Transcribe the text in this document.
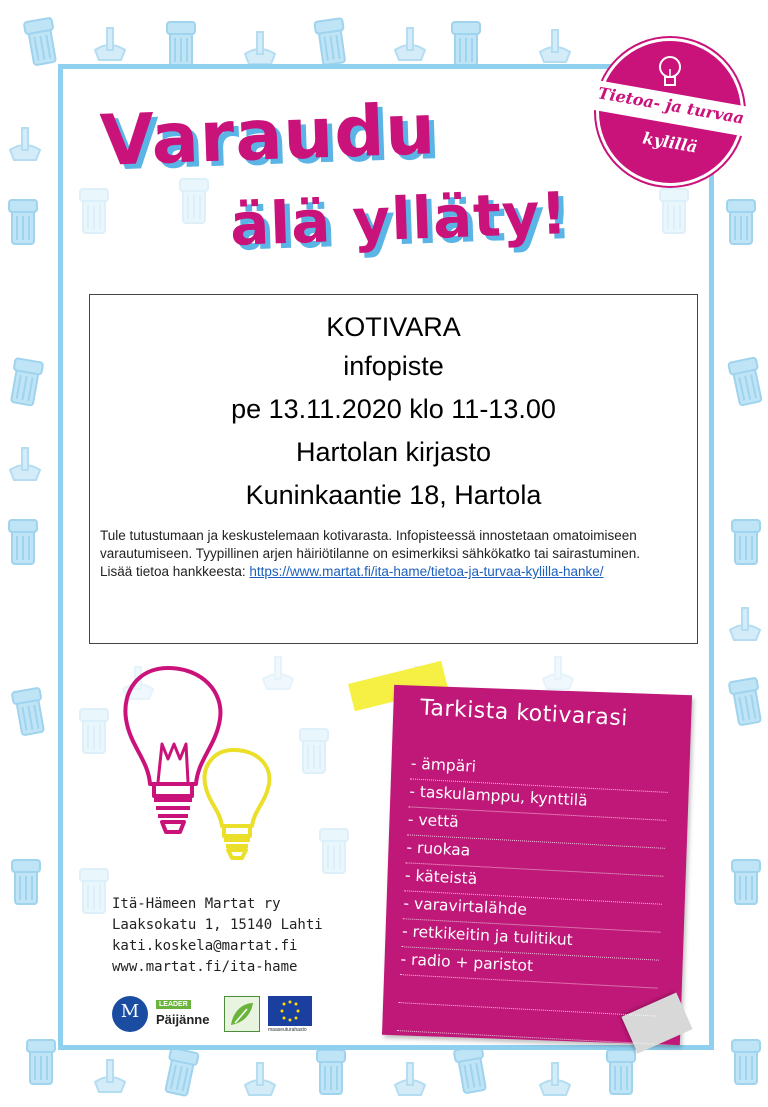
Varaudu
älä ylläty!
Tietoa- ja turvaa
kylillä
KOTIVARA
infopiste
pe 13.11.2020 klo 11-13.00
Hartolan kirjasto
Kuninkaantie 18, Hartola
Tule tutustumaan ja keskustelemaan kotivarasta. Infopisteessä innostetaan omatoimiseen varautumiseen. Tyypillinen arjen häiriötilanne on esimerkiksi sähkökatko tai sairastuminen.
Lisää tietoa hankkeesta: https://www.martat.fi/ita-hame/tietoa-ja-turvaa-kylilla-hanke/
Itä-Hämeen Martat ry
Laaksokatu 1, 15140 Lahti
kati.koskela@martat.fi
www.martat.fi/ita-hame
M	LEADER
Päijänne
maaseuturahasto
Tarkista kotivarasi
- ämpäri
- taskulamppu, kynttilä
- vettä
- ruokaa
- käteistä
- varavirtalähde
- retkikeitin ja tulitikut
- radio + paristot
